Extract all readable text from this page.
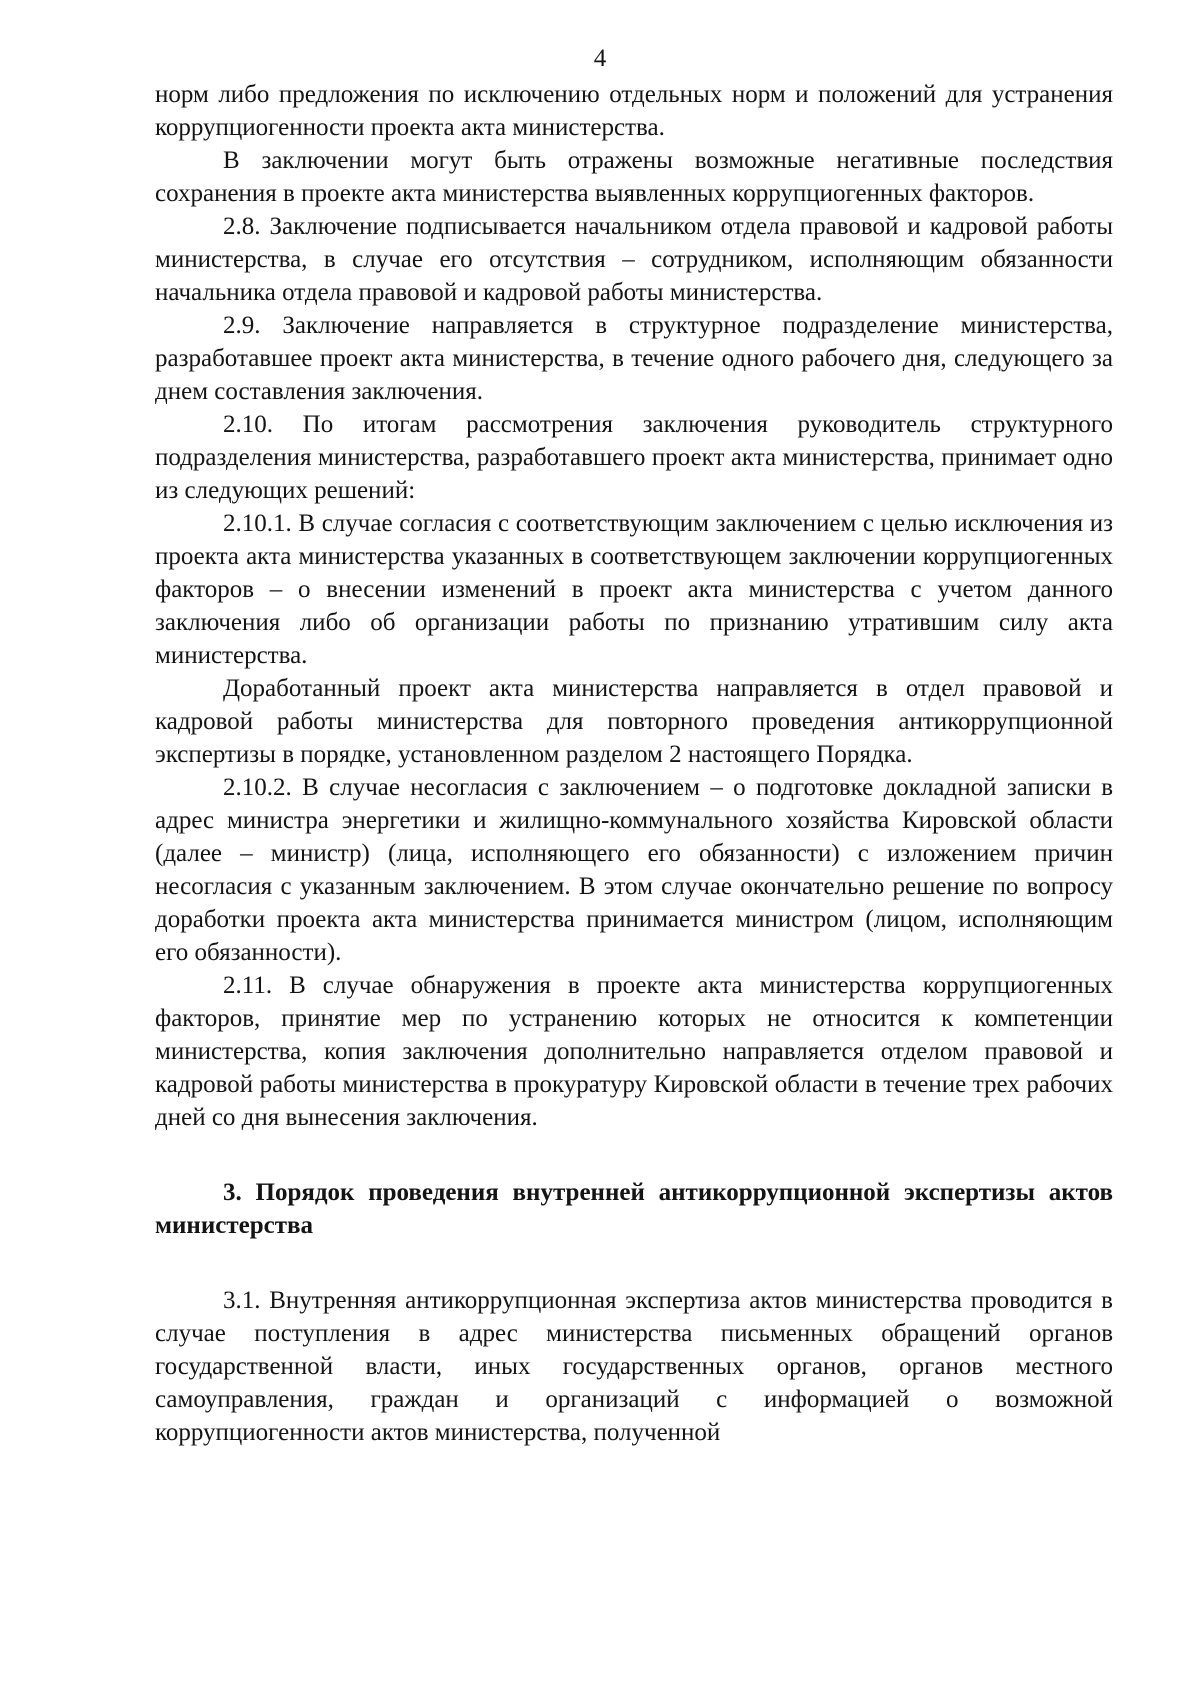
4

норм либо предложения по исключению отдельных норм и положений для устранения коррупциогенности проекта акта министерства.

В заключении могут быть отражены возможные негативные последствия сохранения в проекте акта министерства выявленных коррупциогенных факторов.

2.8. Заключение подписывается начальником отдела правовой и кадровой работы министерства, в случае его отсутствия – сотрудником, исполняющим обязанности начальника отдела правовой и кадровой работы министерства.

2.9. Заключение направляется в структурное подразделение министерства, разработавшее проект акта министерства, в течение одного рабочего дня, следующего за днем составления заключения.

2.10. По итогам рассмотрения заключения руководитель структурного подразделения министерства, разработавшего проект акта министерства, принимает одно из следующих решений:

2.10.1. В случае согласия с соответствующим заключением с целью исключения из проекта акта министерства указанных в соответствующем заключении коррупциогенных факторов – о внесении изменений в проект акта министерства с учетом данного заключения либо об организации работы по признанию утратившим силу акта министерства.

Доработанный проект акта министерства направляется в отдел правовой и кадровой работы министерства для повторного проведения антикоррупционной экспертизы в порядке, установленном разделом 2 настоящего Порядка.

2.10.2. В случае несогласия с заключением – о подготовке докладной записки в адрес министра энергетики и жилищно-коммунального хозяйства Кировской области (далее – министр) (лица, исполняющего его обязанности) с изложением причин несогласия с указанным заключением. В этом случае окончательно решение по вопросу доработки проекта акта министерства принимается министром (лицом, исполняющим его обязанности).

2.11. В случае обнаружения в проекте акта министерства коррупциогенных факторов, принятие мер по устранению которых не относится к компетенции министерства, копия заключения дополнительно направляется отделом правовой и кадровой работы министерства в прокуратуру Кировской области в течение трех рабочих дней со дня вынесения заключения.

3. Порядок проведения внутренней антикоррупционной экспертизы актов министерства

3.1. Внутренняя антикоррупционная экспертиза актов министерства проводится в случае поступления в адрес министерства письменных обращений органов государственной власти, иных государственных органов, органов местного самоуправления, граждан и организаций с информацией о возможной коррупциогенности актов министерства, полученной
